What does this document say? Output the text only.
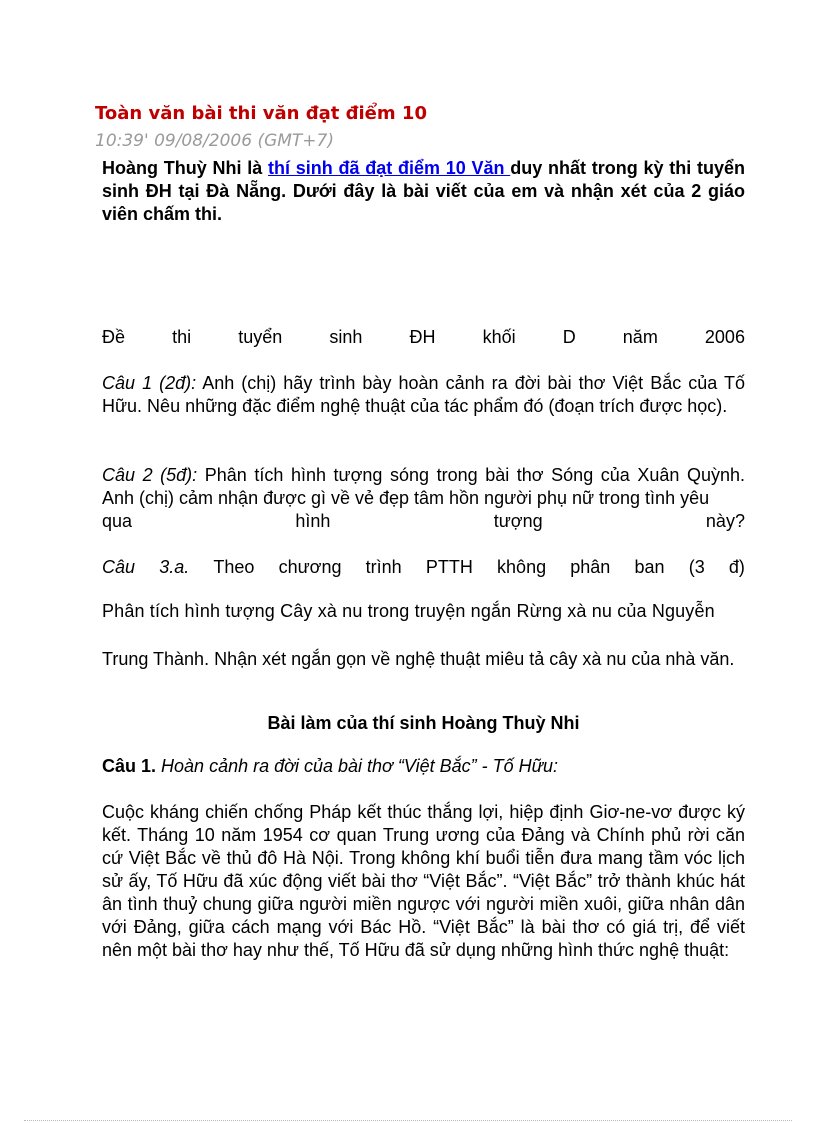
Toàn văn bài thi văn đạt điểm 10
10:39' 09/08/2006 (GMT+7)
Hoàng Thuỳ Nhi là thí sinh đã đạt điểm 10 Văn duy nhất trong kỳ thi tuyển sinh ĐH tại Đà Nẵng. Dưới đây là bài viết của em và nhận xét của 2 giáo viên chấm thi.
Đề	thi	tuyển	sinh	ĐH	khối	D	năm	2006
Câu 1 (2đ): Anh (chị) hãy trình bày hoàn cảnh ra đời bài thơ Việt Bắc của Tố Hữu. Nêu những đặc điểm nghệ thuật của tác phẩm đó (đoạn trích được học).
Câu 2 (5đ): Phân tích hình tượng sóng trong bài thơ Sóng của Xuân Quỳnh. Anh (chị) cảm nhận được gì về vẻ đẹp tâm hồn người phụ nữ trong tình yêu
qua	hình	tượng	này?
Câu 3.a. Theo chương trình PTTH không phân ban (3 đ)
Phân tích hình tượng Cây xà nu trong truyện ngắn Rừng xà nu của Nguyễn
Trung Thành. Nhận xét ngắn gọn về nghệ thuật miêu tả cây xà nu của nhà văn.
Bài làm của thí sinh Hoàng Thuỳ Nhi
Câu 1. Hoàn cảnh ra đời của bài thơ “Việt Bắc” - Tố Hữu:
Cuộc kháng chiến chống Pháp kết thúc thắng lợi, hiệp định Giơ-ne-vơ được ký kết. Tháng 10 năm 1954 cơ quan Trung ương của Đảng và Chính phủ rời căn cứ Việt Bắc về thủ đô Hà Nội. Trong không khí buổi tiễn đưa mang tầm vóc lịch sử ấy, Tố Hữu đã xúc động viết bài thơ “Việt Bắc”. “Việt Bắc” trở thành khúc hát ân tình thuỷ chung giữa người miền ngược với người miền xuôi, giữa nhân dân với Đảng, giữa cách mạng với Bác Hồ. “Việt Bắc” là bài thơ có giá trị, để viết nên một bài thơ hay như thế, Tố Hữu đã sử dụng những hình thức nghệ thuật:
